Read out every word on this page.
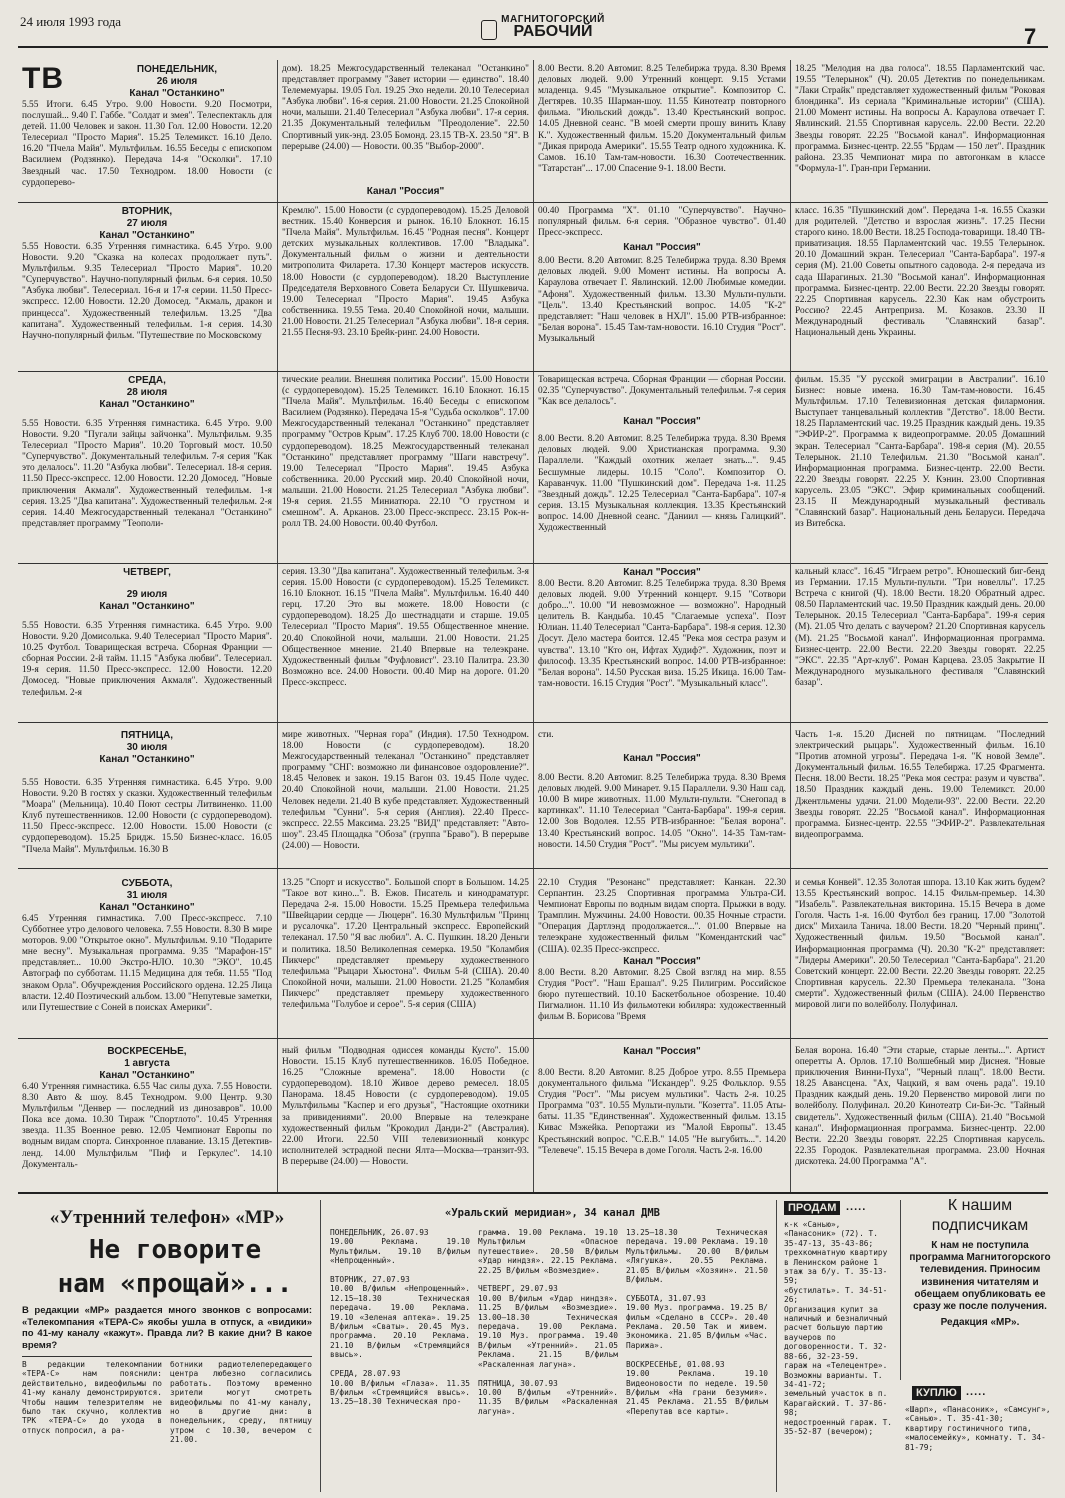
24 июля 1993 года	МАГНИТОГОРСКИЙ
РАБОЧИЙ	7
ТВ	ПОНЕДЕЛЬНИК,
26 июля
Канал "Останкино"

5.55 Итоги. 6.45 Утро. 9.00 Новости. 9.20 Посмотри, послушай... 9.40 Г. Габбе. "Солдат и змея". Телеспектакль для детей. 11.00 Человек и закон. 11.30 Гол. 12.00 Новости. 12.20 Телесериал "Просто Мария". 15.25 Телемикст. 16.10 Дело. 16.20 "Пчела Майя". Мультфильм. 16.55 Беседы с епископом Василием (Родзянко). Передача 14-я "Осколки". 17.10 Звездный час. 17.50 Технодром. 18.00 Новости (с сурдоперево-

дом). 18.25 Межгосударственный телеканал "Останкино" представляет программу "Завет истории — единство". 18.40 Телемемуары. 19.05 Гол. 19.25 Эхо недели. 20.10 Телесериал "Азбука любви". 16-я серия. 21.00 Новости. 21.25 Спокойной ночи, малыши. 21.40 Телесериал "Азбука любви". 17-я серия. 21.35 Документальный телефильм "Преодоление". 22.50 Спортивный уик-энд. 23.05 Бомонд. 23.15 ТВ-Х. 23.50 "Я". В перерыве (24.00) — Новости. 00.35 "Выбор-2000".

Канал "Россия"

8.00 Вести. 8.20 Автомиг. 8.25 Телебиржа труда. 8.30 Время деловых людей. 9.00 Утренний концерт. 9.15 Устами младенца. 9.45 "Музыкальное открытие". Композитор С. Дегтярев. 10.35 Шарман-шоу. 11.55 Кинотеатр повторного фильма. "Июльский дождь". 13.40 Крестьянский вопрос. 14.05 Дневной сеанс. "В моей смерти прошу винить Клаву К.". Художественный фильм. 15.20 Документальный фильм "Дикая природа Америки". 15.55 Театр одного художника. К. Самов. 16.10 Там-там-новости. 16.30 Соотечественник. "Татарстан"... 17.00 Спасение 9-1. 18.00 Вести.

18.25 "Мелодия на два голоса". 18.55 Парламентский час. 19.55 "Телерынок" (Ч). 20.05 Детектив по понедельникам. "Лаки Страйк" представляет художественный фильм "Роковая блондинка". Из сериала "Криминальные истории" (США). 21.00 Момент истины. На вопросы А. Караулова отвечает Г. Явлинский. 21.55 Спортивная карусель. 22.00 Вести. 22.20 Звезды говорят. 22.25 "Восьмой канал". Информационная программа. Бизнес-центр. 22.55 "Брдам — 150 лет". Праздник района. 23.35 Чемпионат мира по автогонкам в классе "Формула-1". Гран-при Германии.

ВТОРНИК,
27 июля
Канал "Останкино"

5.55 Новости. 6.35 Утренняя гимнастика. 6.45 Утро. 9.00 Новости. 9.20 "Сказка на колесах продолжает путь". Мультфильм. 9.35 Телесериал "Просто Мария". 10.20 "Суперчувство". Научно-популярный фильм. 6-я серия. 10.50 "Азбука любви". Телесериал. 16-я и 17-я серии. 11.50 Пресс-экспресс. 12.00 Новости. 12.20 Домосед. "Акмаль, дракон и принцесса". Художественный телефильм. 13.25 "Два капитана". Художественный телефильм. 1-я серия. 14.30 Научно-популярный фильм. "Путешествие по Московскому

Кремлю". 15.00 Новости (с сурдопереводом). 15.25 Деловой вестник. 15.40 Конверсия и рынок. 16.10 Блокнот. 16.15 "Пчела Майя". Мультфильм. 16.45 "Родная песня". Концерт детских музыкальных коллективов. 17.00 "Владыка". Документальный фильм о жизни и деятельности митрополита Филарета. 17.30 Концерт мастеров искусств. 18.00 Новости (с сурдопереводом). 18.20 Выступление Председателя Верховного Совета Беларуси Ст. Шушкевича. 19.00 Телесериал "Просто Мария". 19.45 Азбука собственника. 19.55 Тема. 20.40 Спокойной ночи, малыши. 21.00 Новости. 21.25 Телесериал "Азбука любви". 18-я серия. 21.55 Песня-93. 23.10 Брейк-ринг. 24.00 Новости.

00.40 Программа "Х". 01.10 "Суперчувство". Научно-популярный фильм. 6-я серия. "Образное чувство". 01.40 Пресс-экспресс.

Канал "Россия"

8.00 Вести. 8.20 Автомиг. 8.25 Телебиржа труда. 8.30 Время деловых людей. 9.00 Момент истины. На вопросы А. Караулова отвечает Г. Явлинский. 12.00 Любимые комедии. "Афоня". Художественный фильм. 13.30 Мульти-пульти. "Цель". 13.40 Крестьянский вопрос. 14.05 "К-2" представляет: "Наш человек в НХЛ". 15.00 РТВ-избранное: "Белая ворона". 15.45 Там-там-новости. 16.10 Студия "Рост". Музыкальный

класс. 16.35 "Пушкинский дом". Передача 1-я. 16.55 Сказки для родителей. "Детство и взрослая жизнь". 17.25 Песни старого кино. 18.00 Вести. 18.25 Господа-товарищи. 18.40 ТВ-приватизация. 18.55 Парламентский час. 19.55 Телерынок. 20.10 Домашний экран. Телесериал "Санта-Барбара". 197-я серия (М). 21.00 Советы опытного садовода. 2-я передача из сада Шарагиных. 21.30 "Восьмой канал". Информационная программа. Бизнес-центр. 22.00 Вести. 22.20 Звезды говорят. 22.25 Спортивная карусель. 22.30 Как нам обустроить Россию? 22.45 Антреприза. М. Козаков. 23.30 II Международный фестиваль "Славянский базар". Национальный день Украины.

СРЕДА,
28 июля
Канал "Останкино"

5.55 Новости. 6.35 Утренняя гимнастика. 6.45 Утро. 9.00 Новости. 9.20 "Пугали зайцы зайчонка". Мультфильм. 9.35 Телесериал "Просто Мария". 10.20 Торговый мост. 10.50 "Суперчувство". Документальный телефильм. 7-я серия "Как это делалось". 11.20 "Азбука любви". Телесериал. 18-я серия. 11.50 Пресс-экспресс. 12.00 Новости. 12.20 Домосед. "Новые приключения Акмаля". Художественный телефильм. 1-я серия. 13.25 "Два капитана". Художественный телефильм. 2-я серия. 14.40 Межгосударственный телеканал "Останкино" представляет программу "Теополи-

тические реалии. Внешняя политика России". 15.00 Новости (с сурдопереводом). 15.25 Телемикст. 16.10 Блокнот. 16.15 "Пчела Майя". Мультфильм. 16.40 Беседы с епископом Василием (Родзянко). Передача 15-я "Судьба осколков". 17.00 Межгосударственный телеканал "Останкино" представляет программу "Остров Крым". 17.25 Клуб 700. 18.00 Новости (с сурдопереводом). 18.25 Межгосударственный телеканал "Останкино" представляет программу "Шаги навстречу". 19.00 Телесериал "Просто Мария". 19.45 Азбука собственника. 20.00 Русский мир. 20.40 Спокойной ночи, малыши. 21.00 Новости. 21.25 Телесериал "Азбука любви". 19-я серия. 21.55 Миниатюра. 22.10 "О грустном и смешном". А. Арканов. 23.00 Пресс-экспресс. 23.15 Рок-н-ролл ТВ. 24.00 Новости. 00.40 Футбол.

Товарищеская встреча. Сборная Франции — сборная России. 02.35 "Суперчувство". Документальный телефильм. 7-я серия "Как все делалось".

Канал "Россия"

8.00 Вести. 8.20 Автомиг. 8.25 Телебиржа труда. 8.30 Время деловых людей. 9.00 Христианская программа. 9.30 Параллели. "Каждый охотник желает знать...". 9.45 Бесшумные лидеры. 10.15 "Соло". Композитор О. Караванчук. 11.00 "Пушкинский дом". Передача 1-я. 11.25 "Звездный дождь". 12.25 Телесериал "Санта-Барбара". 107-я серия. 13.15 Музыкальная коллекция. 13.35 Крестьянский вопрос. 14.00 Дневной сеанс. "Даниил — князь Галицкий". Художественный

фильм. 15.35 "У русской эмиграции в Австралии". 16.10 Бизнес: новые имена. 16.30 Там-там-новости. 16.45 Мультфильм. 17.10 Телевизионная детская филармония. Выступает танцевальный коллектив "Детство". 18.00 Вести. 18.25 Парламентский час. 19.25 Праздник каждый день. 19.35 "ЭФИР-2". Программа к видеопрограмме. 20.05 Домашний экран. Телесериал "Санта-Барбара". 198-я серия (М). 20.55 Телерынок. 21.10 Телефильм. 21.30 "Восьмой канал". Информационная программа. Бизнес-центр. 22.00 Вести. 22.20 Звезды говорят. 22.25 У. Кэнин. 23.00 Спортивная карусель. 23.05 "ЭКС". Эфир криминальных сообщений. 23.15 II Международный музыкальный фестиваль "Славянский базар". Национальный день Беларуси. Передача из Витебска.

ЧЕТВЕРГ,
29 июля
Канал "Останкино"

5.55 Новости. 6.35 Утренняя гимнастика. 6.45 Утро. 9.00 Новости. 9.20 Домисолька. 9.40 Телесериал "Просто Мария". 10.25 Футбол. Товарищеская встреча. Сборная Франции — сборная России. 2-й тайм. 11.15 "Азбука любви". Телесериал. 19-я серия. 11.50 Пресс-экспресс. 12.00 Новости. 12.20 Домосед. "Новые приключения Акмаля". Художественный телефильм. 2-я

серия. 13.30 "Два капитана". Художественный телефильм. 3-я серия. 15.00 Новости (с сурдопереводом). 15.25 Телемикст. 16.10 Блокнот. 16.15 "Пчела Майя". Мультфильм. 16.40 440 герц. 17.20 Это вы можете. 18.00 Новости (с сурдопереводом). 18.25 До шестнадцати и старше. 19.05 Телесериал "Просто Мария". 19.55 Общественное мнение. 20.40 Спокойной ночи, малыши. 21.00 Новости. 21.25 Общественное мнение. 21.40 Впервые на телеэкране. Художественный фильм "Фуфловист". 23.10 Палитра. 23.30 Возможно все. 24.00 Новости. 00.40 Мир на дороге. 01.20 Пресс-экспресс.

Канал "Россия"

8.00 Вести. 8.20 Автомиг. 8.25 Телебиржа труда. 8.30 Время деловых людей. 9.00 Утренний концерт. 9.15 "Сотвори добро...". 10.00 "И невозможное — возможно". Народный целитель В. Кандыба. 10.45 "Слагаемые успеха". Поэт Юлиан. 11.40 Телесериал "Санта-Барбара". 198-я серия. 12.30 Доcут. Дело мастера боится. 12.45 "Река моя сестра разум и чувства". 13.10 "Кто он, Ифтах Худиф?". Художник, поэт и философ. 13.35 Крестьянский вопрос. 14.00 РТВ-избранное: "Белая ворона". 14.50 Русская виза. 15.25 Икица. 16.00 Там-там-новости. 16.15 Студия "Рост". "Музыкальный класс".

кальный класс". 16.45 "Играем ретро". Юношеский биг-бенд из Германии. 17.15 Мульти-пульти. "Три новеллы". 17.25 Встреча с книгой (Ч). 18.00 Вести. 18.20 Обратный адрес. 08.50 Парламентский час. 19.50 Праздник каждый день. 20.00 Телерынок. 20.15 Телесериал "Санта-Барбара". 199-я серия (М). 21.05 Что делать с ваучером? 21.20 Спортивная карусель (М). 21.25 "Восьмой канал". Информационная программа. Бизнес-центр. 22.00 Вести. 22.20 Звезды говорят. 22.25 "ЭКС". 22.35 "Арт-клуб". Роман Карцева. 23.05 Закрытие II Международного музыкального фестиваля "Славянский базар".

ПЯТНИЦА,
30 июля
Канал "Останкино"

5.55 Новости. 6.35 Утренняя гимнастика. 6.45 Утро. 9.00 Новости. 9.20 В гостях у сказки. Художественный телефильм "Моара" (Мельница). 10.40 Поют сестры Литвиненко. 11.00 Клуб путешественников. 12.00 Новости (с сурдопереводом). 11.50 Пресс-экспресс. 12.00 Новости. 15.00 Новости (с сурдопереводом). 15.25 Бридж. 15.50 Бизнес-класс. 16.05 "Пчела Майя". Мультфильм. 16.30 В

мире животных. "Черная гора" (Индия). 17.50 Технодром. 18.00 Новости (с сурдопереводом). 18.20 Межгосударственный телеканал "Останкино" представляет программу "СНГ: возможно ли финансовое оздоровление?". 18.45 Человек и закон. 19.15 Вагон 03. 19.45 Поле чудес. 20.40 Спокойной ночи, малыши. 21.00 Новости. 21.25 Человек недели. 21.40 В кубе представляет. Художественный телефильм "Сунни". 5-я серия (Англия). 22.40 Пресс-экспресс. 22.55 Максима. 23.25 "ВИД" представляет: "Авто-шоу". 23.45 Площадка "Обоза" (группа "Браво"). В перерыве (24.00) — Новости.

сти.

Канал "Россия"

8.00 Вести. 8.20 Автомиг. 8.25 Телебиржа труда. 8.30 Время деловых людей. 9.00 Минарет. 9.15 Параллели. 9.30 Наш сад. 10.00 В мире животных. 11.00 Мульти-пульти. "Снегопад в картинках". 11.10 Телесериал "Санта-Барбара". 199-я серия. 12.00 Зов Водолея. 12.55 РТВ-избранное: "Белая ворона". 13.40 Крестьянский вопрос. 14.05 "Окно". 14-35 Там-там-новости. 14.50 Студия "Рост". "Мы рисуем мультики".

Часть 1-я. 15.20 Дисней по пятницам. "Последний электрический рыцарь". Художественный фильм. 16.10 "Против атомной угрозы". Передача 1-я. "К новой Земле". Документальный фильм. 16.55 Телебиржа. 17.25 Фрагмента. Песня. 18.00 Вести. 18.25 "Река моя сестра: разум и чувства". 18.50 Праздник каждый день. 19.00 Телемикст. 20.00 Джентльмены удачи. 21.00 Модели-93". 22.00 Вести. 22.20 Звезды говорят. 22.25 "Восьмой канал". Информационная программа. Бизнес-центр. 22.55 "ЭФИР-2". Развлекательная видеопрограмма.

СУББОТА,
31 июля
Канал "Останкино"

6.45 Утренняя гимнастика. 7.00 Пресс-экспресс. 7.10 Субботнее утро делового человека. 7.55 Новости. 8.30 В мире моторов. 9.00 "Открытое окно". Мультфильм. 9.10 "Подарите мне весну". Музыкальная программа. 9.35 "Марафон-15" представляет... 10.00 Экстро-НЛО. 10.30 "ЭКО". 10.45 Автограф по субботам. 11.15 Медицина для тебя. 11.55 "Под знаком Орла". Обучреждения Российского ордена. 12.25 Лица власти. 12.40 Поэтический альбом. 13.00 "Непутевые заметки, или Путешествие с Соней в поисках Америки".

13.25 "Спорт и искусство". Большой спорт в Большом. 14.25 "Такое вот кино...". В. Ежов. Писатель и кинодраматург. Передача 2-я. 15.00 Новости. 15.25 Премьера телефильма "Швейцарии сердце — Люцерн". 16.30 Мультфильм "Принц и русалочка". 17.20 Центральный экспресс. Европейский телеканал. 17.50 "Я вас любил". А. С. Пушкин. 18.20 Деньги и политика. 18.50 Великолепная семерка. 19.50 "Коламбия Пикчерс" представляет премьеру художественного телефильма "Рыцари Хьюстона". Фильм 5-й (США). 20.40 Спокойной ночи, малыши. 21.00 Новости. 21.25 "Коламбия Пикчерс" представляет премьеру художественного телефильма "Голубое и серое". 5-я серия (США)

22.10 Студия "Резонанс" представляет: Канкан. 22.30 Серпантин. 23.25 Спортивная программа Ультра-СИ. Чемпионат Европы по водным видам спорта. Прыжки в воду. Трамплин. Мужчины. 24.00 Новости. 00.35 Ночные страсти. "Операция Дартлэнд продолжается...". 01.00 Впервые на телеэкране художественный фильм "Комендантский час" (США). 02.35 Пресс-экспресс.

Канал "Россия"

8.00 Вести. 8.20 Автомиг. 8.25 Свой взгляд на мир. 8.55 Студия "Рост". "Наш Ерашал". 9.25 Пилигрим. Российское бюро путешествий. 10.10 Баскетбольное обозрение. 10.40 Пигмалион. 11.10 Из фильмотеки юбиляра: художественный фильм В. Борисова "Время

и семья Конвей". 12.35 Золотая шпора. 13.10 Как жить будем? 13.55 Крестьянский вопрос. 14.15 Фильм-премьер. 14.30 "Изабель". Развлекательная викторина. 15.15 Вечера в доме Гоголя. Часть 1-я. 16.00 Футбол без границ. 17.00 "Золотой диск" Михаила Танича. 18.00 Вести. 18.20 "Черный принц". Художественный фильм. 19.50 "Восьмой канал". Информационная программа (Ч). 20.30 "К-2" представляет: "Лидеры Америки". 20.50 Телесериал "Санта-Барбара". 21.20 Советский концерт. 22.00 Вести. 22.20 Звезды говорят. 22.25 Спортивная карусель. 22.30 Премьера телеканала. "Зона смерти". Художественный фильм (США). 24.00 Первенство мировой лиги по волейболу. Полуфинал.

ВОСКРЕСЕНЬЕ,
1 августа
Канал "Останкино"

6.40 Утренняя гимнастика. 6.55 Час силы духа. 7.55 Новости. 8.30 Авто & шоу. 8.45 Технодром. 9.00 Центр. 9.30 Мультфильм "Денвер — последний из динозавров". 10.00 Пока все дома. 10.30 Тираж "Спортлото". 10.45 Утренняя звезда. 11.35 Военное ревю. 12.05 Чемпионат Европы по водным видам спорта. Синхронное плавание. 13.15 Детектив-ленд. 14.00 Мультфильм "Пиф и Геркулес". 14.10 Документаль-

ный фильм "Подводная одиссея команды Кусто". 15.00 Новости. 15.15 Клуб путешественников. 16.05 Победное. 16.25 "Сложные времена". 18.00 Новости (с сурдопереводом). 18.10 Живое дерево ремесел. 18.05 Панорама. 18.45 Новости (с сурдопереводом). 19.05 Мультфильмы "Каспер и его друзья", "Настоящие охотники за привидениями". 20.00 Впервые на телеэкране художественный фильм "Крокодил Данди-2" (Австралия). 22.00 Итоги. 22.50 VIII телевизионный конкурс исполнителей эстрадной песни Ялта—Москва—транзит-93. В перерыве (24.00) — Новости.

Канал "Россия"

8.00 Вести. 8.20 Автомиг. 8.25 Доброе утро. 8.55 Премьера документального фильма "Искандер". 9.25 Фольклор. 9.55 Студия "Рост". "Мы рисуем мультики". Часть 2-я. 10.25 Программа "03". 10.55 Мульти-пульти. "Козетта". 11.05 Аты-баты. 11.35 "Единственная". Художественный фильм. 13.15 Кивас Мэжейка. Репортажи из "Малой Европы". 13.45 Крестьянский вопрос. "С.Е.В." 14.05 "Не выгубить...". 14.20 "Телевече". 15.15 Вечера в доме Гоголя. Часть 2-я. 16.00

Белая ворона. 16.40 "Эти старые, старые ленты...". Артист оперетты А. Орлов. 17.10 Волшебный мир Диснея. "Новые приключения Винни-Пуха", "Черный плащ". 18.00 Вести. 18.25 Авансцена. "Ах, Чацкий, я вам очень рада". 19.10 Праздник каждый день. 19.20 Первенство мировой лиги по волейболу. Полуфинал. 20.20 Кинотеатр Си-Би-Эс. "Тайный свидетель". Художественный фильм (США). 21.40 "Восьмой канал". Информационная программа. Бизнес-центр. 22.00 Вести. 22.20 Звезды говорят. 22.25 Спортивная карусель. 22.35 Городок. Развлекательная программа. 23.00 Ночная дискотека. 24.00 Программа "А".

«Утренний телефон» «МР»
Не говорите
нам «прощай»...
В редакции «МР» раздается много звонков с вопросами: «Телекомпания «ТЕРА-С» якобы ушла в отпуск, а «видики» по 41-му каналу «кажут». Правда ли? В какие дни? В какое время?
В редакции телекомпании «ТЕРА-С» нам пояснили: действительно, видеофильмы по 41-му каналу демонстрируются. Чтобы нашим телезрителям не было так скучно, коллектив ТРК «ТЕРА-С» до ухода в отпуск попросил, а ра-
ботники радиотелепередающего центра любезно согласились работать. Поэтому временно зрители могут смотреть видеофильмы по 41-му каналу, но в другие дни: в понедельник, среду, пятницу утром с 10.30, вечером с 21.00.
«Уральский меридиан», 34 канал ДМВ
ПОНЕДЕЛЬНИК, 26.07.93
19.00 Реклама. 19.10 Мультфильм. 19.10 В/фильм «Непрощенный».

ВТОРНИК, 27.07.93
10.00 В/фильм «Непрощенный». 12.15—18.30 Техническая передача. 19.00 Реклама. 19.10 «Зеленая аптека». 19.25 В/фильм «Сваты». 20.45 Муз. программа. 20.10 Реклама. 21.10 В/фильм «Стремящийся ввысь».

СРЕДА, 28.07.93
10.00 В/фильм «Глаза». 11.35 В/фильм «Стремящийся ввысь». 13.25—18.30 Техническая про-
грамма. 19.00 Реклама. 19.10 Мультфильм «Опасное путешествие». 20.50 В/фильм «Удар ниндзя». 22.15 Реклама. 22.25 В/фильм «Возмездие».

ЧЕТВЕРГ, 29.07.93
10.00 В/фильм «Удар ниндзя». 11.25 В/фильм «Возмездие». 13.00—18.30 Техническая передача. 19.00 Реклама. 19.10 Муз. программа. 19.40 В/фильм «Утренний». 21.05 Реклама. 21.15 В/фильм «Раскаленная лагуна».

ПЯТНИЦА, 30.07.93
10.00 В/фильм «Утренний». 11.35 В/фильм «Раскаленная лагуна».
13.25—18.30 Техническая передача. 19.00 Реклама. 19.10 Мультфильмы. 20.00 В/фильм «Лягушка». 20.55 Реклама. 21.05 В/фильм «Хозяин». 21.50 В/фильм.

СУББОТА, 31.07.93
19.00 Муз. программа. 19.25 В/фильм «Сделано в СССР». 20.40 Реклама. 20.50 Так и живем. Экономика. 21.05 В/фильм «Час. Парижа».

ВОСКРЕСЕНЬЕ, 01.08.93
19.00 Реклама. 19.10 Видеоновости по неделе. 19.50 В/фильм «На грани безумия». 21.45 Реклама. 21.55 В/фильм «Перепутав все карты».
ПРОДАМ .....
к-к «Санью», «Панасоник» (72). Т. 35-47-13, 35-43-86;
трехкомнатную квартиру в Ленинском районе 1 этаж за б/у. Т. 35-13-59;
«бустилать». Т. 34-51-26;
Организация купит за наличный и безналичный расчет большую партию ваучеров по договоренности. Т. 32-88-66, 32-23-59.
гараж на «Телецентре». Возможны варианты. Т. 34-41-72;
земельный участок в п. Карагайский. Т. 37-86-98;
недостроенный гараж. Т. 35-52-87 (вечером);
КУПЛЮ .....
«Шарп», «Панасоник», «Самсунг», «Санью». Т. 35-41-30;
квартиру гостиничного типа, «малосемейку», комнату. Т. 34-81-79;
К нашим
подписчикам
К нам не поступила программа Магнитогорского телевидения. Приносим извинения читателям и обещаем опубликовать ее сразу же после получения.
Редакция «МР».
